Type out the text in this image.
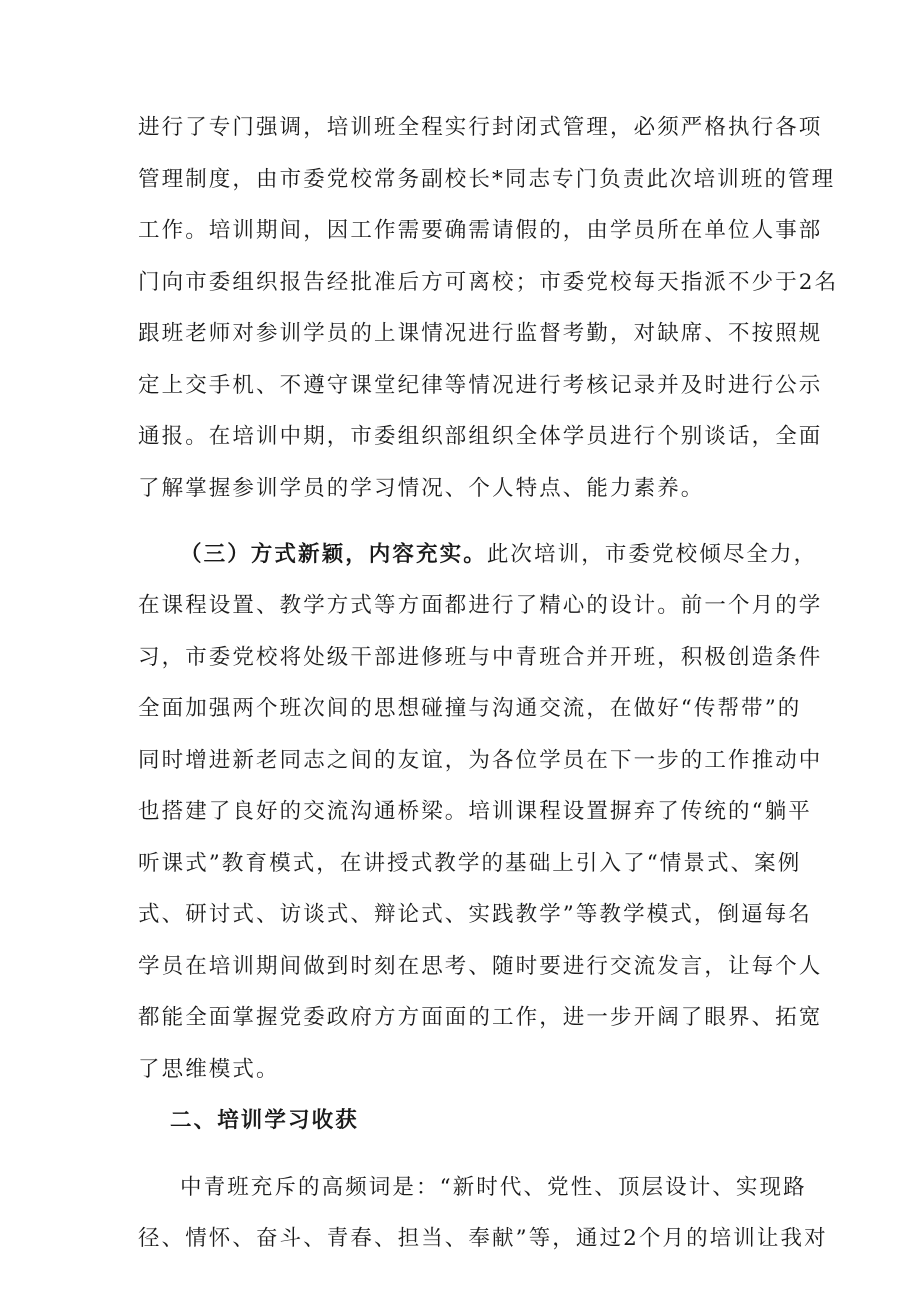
进行了专门强调，培训班全程实行封闭式管理，必须严格执行各项
管理制度，由市委党校常务副校长*同志专门负责此次培训班的管理
工作。培训期间，因工作需要确需请假的，由学员所在单位人事部
门向市委组织报告经批准后方可离校；市委党校每天指派不少于2名
跟班老师对参训学员的上课情况进行监督考勤，对缺席、不按照规
定上交手机、不遵守课堂纪律等情况进行考核记录并及时进行公示
通报。在培训中期，市委组织部组织全体学员进行个别谈话，全面
了解掌握参训学员的学习情况、个人特点、能力素养。
（三）方式新颖，内容充实。此次培训，市委党校倾尽全力，
在课程设置、教学方式等方面都进行了精心的设计。前一个月的学
习，市委党校将处级干部进修班与中青班合并开班，积极创造条件
全面加强两个班次间的思想碰撞与沟通交流，在做好“传帮带”的
同时增进新老同志之间的友谊，为各位学员在下一步的工作推动中
也搭建了良好的交流沟通桥梁。培训课程设置摒弃了传统的“躺平
听课式”教育模式，在讲授式教学的基础上引入了“情景式、案例
式、研讨式、访谈式、辩论式、实践教学”等教学模式，倒逼每名
学员在培训期间做到时刻在思考、随时要进行交流发言，让每个人
都能全面掌握党委政府方方面面的工作，进一步开阔了眼界、拓宽
了思维模式。
二、培训学习收获
中青班充斥的高频词是：“新时代、党性、顶层设计、实现路
径、情怀、奋斗、青春、担当、奉献”等，通过2个月的培训让我对
